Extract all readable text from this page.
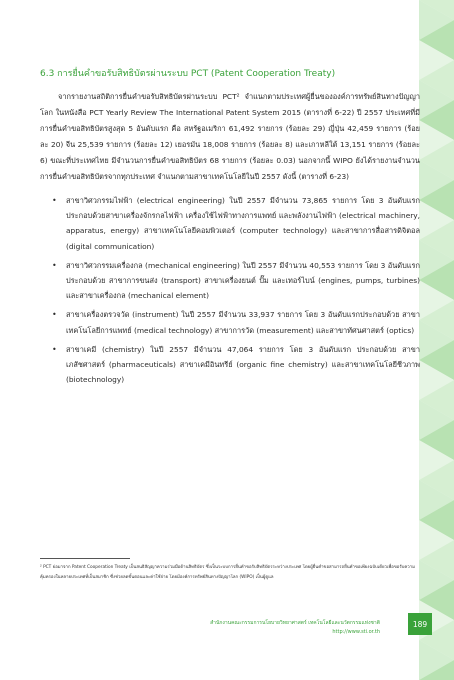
6.3 การยื่นคำขอรับสิทธิบัตรผ่านระบบ PCT (Patent Cooperation Treaty)

จากรายงานสถิติการยื่นคำขอรับสิทธิบัตรผ่านระบบ PCT² จำแนกตามประเทศผู้ยื่นขององค์การทรัพย์สินทางปัญญาโลก ในหนังสือ PCT Yearly Review The International Patent System 2015 (ตารางที่ 6-22) ปี 2557 ประเทศที่มีการยื่นคำขอสิทธิบัตรสูงสุด 5 อันดับแรก คือ สหรัฐอเมริกา 61,492 รายการ (ร้อยละ 29) ญี่ปุ่น 42,459 รายการ (ร้อยละ 20) จีน 25,539 รายการ (ร้อยละ 12) เยอรมัน 18,008 รายการ (ร้อยละ 8) และเกาหลีใต้ 13,151 รายการ (ร้อยละ 6) ขณะที่ประเทศไทย มีจำนวนการยื่นคำขอสิทธิบัตร 68 รายการ (ร้อยละ 0.03) นอกจากนี้ WIPO ยังได้รายงานจำนวนการยื่นคำขอสิทธิบัตรจากทุกประเทศ จำแนกตามสาขาเทคโนโลยีในปี 2557 ดังนี้ (ตารางที่ 6-23)

• สาขาวิศวกรรมไฟฟ้า (electrical engineering) ในปี 2557 มีจำนวน 73,865 รายการ โดย 3 อันดับแรกประกอบด้วยสาขาเครื่องจักรกลไฟฟ้า เครื่องใช้ไฟฟ้าทางการแพทย์ และพลังงานไฟฟ้า (electrical machinery, apparatus, energy) สาขาเทคโนโลยีคอมพิวเตอร์ (computer technology) และสาขาการสื่อสารดิจิตอล (digital communication)
• สาขาวิศวกรรมเครื่องกล (mechanical engineering) ในปี 2557 มีจำนวน 40,553 รายการ โดย 3 อันดับแรกประกอบด้วย สาขาการขนส่ง (transport) สาขาเครื่องยนต์ ปั๊ม และเทอร์ไบน์ (engines, pumps, turbines) และสาขาเครื่องกล (mechanical element)
• สาขาเครื่องตรวจวัด (instrument) ในปี 2557 มีจำนวน 33,937 รายการ โดย 3 อันดับแรกประกอบด้วย สาขาเทคโนโลยีการแพทย์ (medical technology) สาขาการวัด (measurement) และสาขาทัศนศาสตร์ (optics)
• สาขาเคมี (chemistry) ในปี 2557 มีจำนวน 47,064 รายการ โดย 3 อันดับแรก ประกอบด้วย สาขาเภสัชศาสตร์ (pharmaceuticals) สาขาเคมีอินทรีย์ (organic fine chemistry) และสาขาเทคโนโลยีชีวภาพ (biotechnology)
² PCT ย่อมาจาก Patent Cooperation Treaty เป็นสนธิสัญญาความร่วมมือด้านสิทธิบัตร ซึ่งเป็นระบบการยื่นคำขอรับสิทธิบัตรระหว่างประเทศ โดยผู้ยื่นคำขอสามารถยื่นคำขอเพียงฉบับเดียวเพื่อขอรับความคุ้มครองในหลายประเทศที่เป็นสมาชิก ซึ่งช่วยลดขั้นตอนและค่าใช้จ่าย โดยมีองค์การทรัพย์สินทางปัญญาโลก (WIPO) เป็นผู้ดูแล
สำนักงานคณะกรรมการนโยบายวิทยาศาสตร์ เทคโนโลยีและนวัตกรรมแห่งชาติ
http://www.sti.or.th
189
